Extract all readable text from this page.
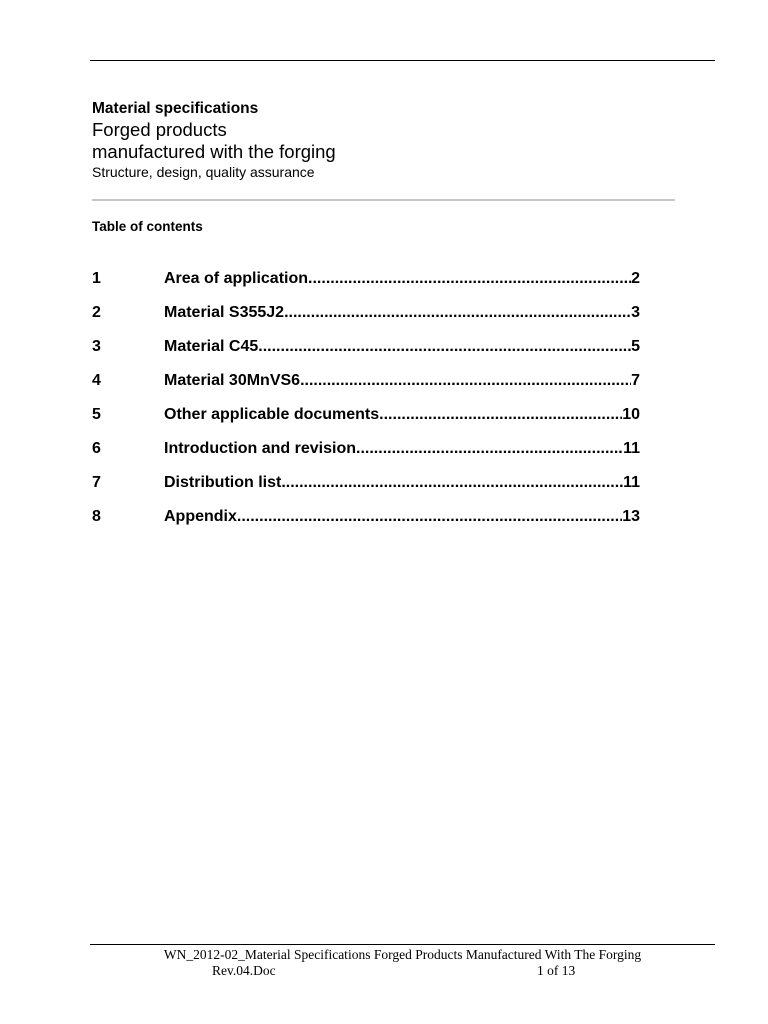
Material specifications
Forged products
manufactured with the forging
Structure, design, quality assurance
Table of contents
1	Area of application .....	2
2	Material S355J2 .....	3
3	Material C45 .....	5
4	Material 30MnVS6 .....	7
5	Other applicable documents .....	10
6	Introduction and revision .....	11
7	Distribution list .....	11
8	Appendix .....	13
WN_2012-02_Material Specifications Forged Products Manufactured With The Forging
Rev.04.Doc	1 of 13
